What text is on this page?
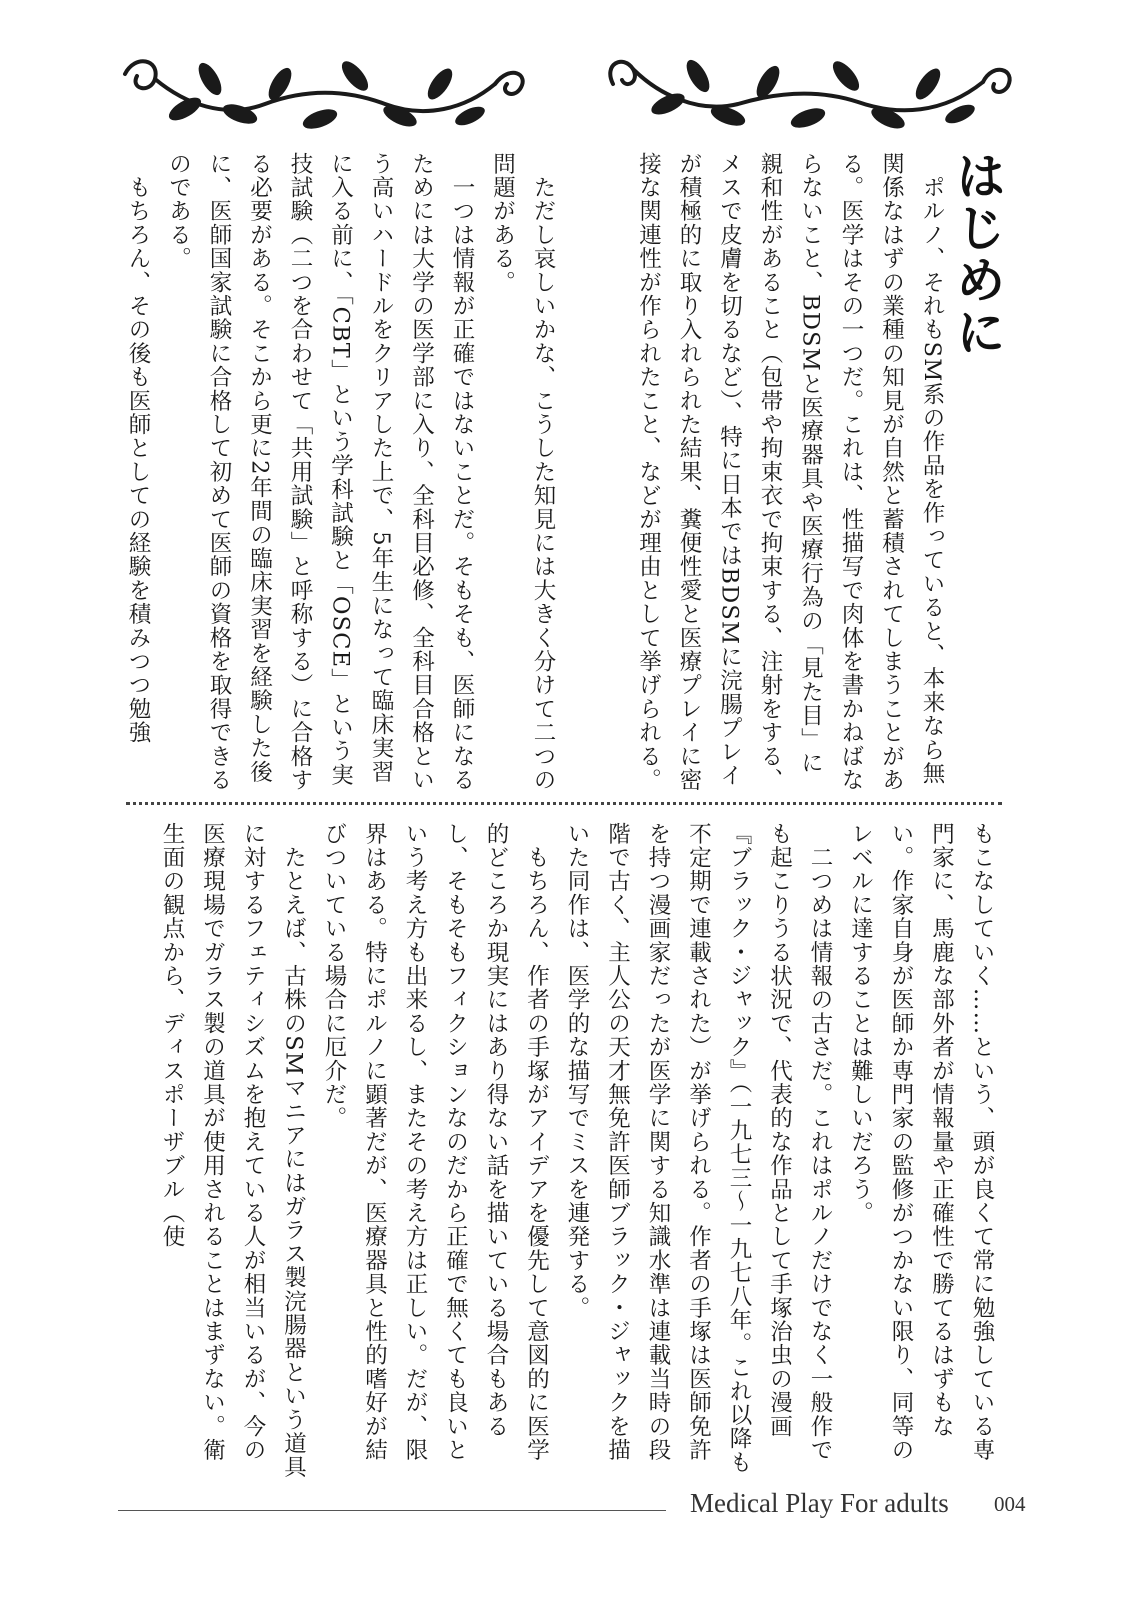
はじめに

　ポルノ、それもSM系の作品を作っていると、本来なら無関係なはずの業種の知見が自然と蓄積されてしまうことがある。医学はその一つだ。これは、性描写で肉体を書かねばならないこと、BDSMと医療器具や医療行為の「見た目」に親和性があること（包帯や拘束衣で拘束する、注射をする、メスで皮膚を切るなど）、特に日本ではBDSMに浣腸プレイが積極的に取り入れられた結果、糞便性愛と医療プレイに密接な関連性が作られたこと、などが理由として挙げられる。

　ただし哀しいかな、こうした知見には大きく分けて二つの問題がある。

　一つは情報が正確ではないことだ。そもそも、医師になるためには大学の医学部に入り、全科目必修、全科目合格という高いハードルをクリアした上で、5年生になって臨床実習に入る前に、「CBT」という学科試験と「OSCE」という実技試験（二つを合わせて「共用試験」と呼称する）に合格する必要がある。そこから更に2年間の臨床実習を経験した後に、医師国家試験に合格して初めて医師の資格を取得できるのである。

　もちろん、その後も医師としての経験を積みつつ勉強

もこなしていく……という、頭が良くて常に勉強している専門家に、馬鹿な部外者が情報量や正確性で勝てるはずもない。作家自身が医師か専門家の監修がつかない限り、同等のレベルに達することは難しいだろう。

　二つめは情報の古さだ。これはポルノだけでなく一般作でも起こりうる状況で、代表的な作品として手塚治虫の漫画『ブラック・ジャック』（一九七三〜一九七八年。これ以降も不定期で連載された）が挙げられる。作者の手塚は医師免許を持つ漫画家だったが医学に関する知識水準は連載当時の段階で古く、主人公の天才無免許医師ブラック・ジャックを描いた同作は、医学的な描写でミスを連発する。

　もちろん、作者の手塚がアイデアを優先して意図的に医学的どころか現実にはあり得ない話を描いている場合もあるし、そもそもフィクションなのだから正確で無くても良いという考え方も出来るし、またその考え方は正しい。だが、限界はある。特にポルノに顕著だが、医療器具と性的嗜好が結びついている場合に厄介だ。

　たとえば、古株のSMマニアにはガラス製浣腸器という道具に対するフェティシズムを抱えている人が相当いるが、今の医療現場でガラス製の道具が使用されることはまずない。衛生面の観点から、ディスポーザブル（使

Medical Play For adults 004
